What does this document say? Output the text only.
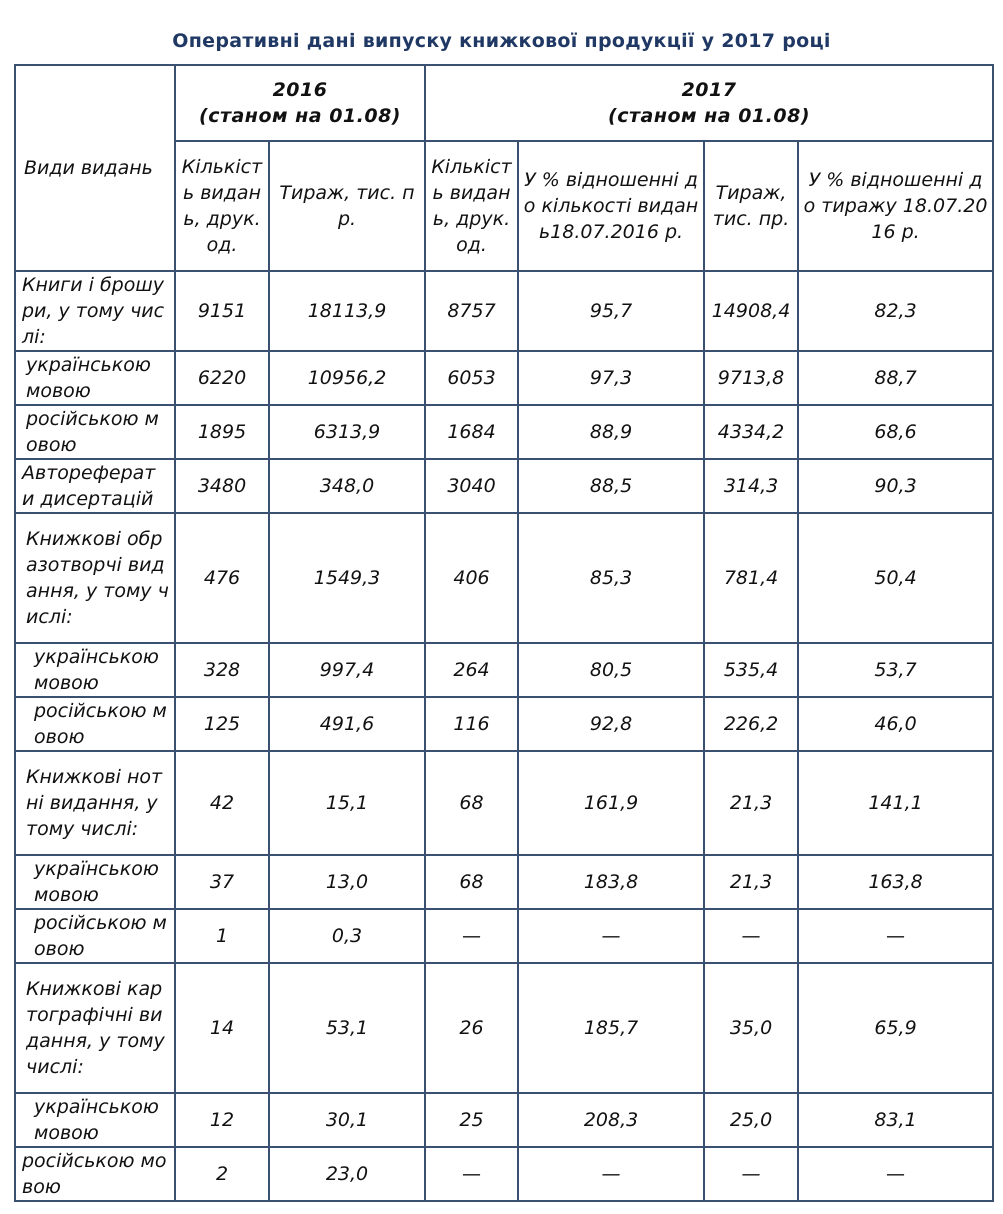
Оперативні дані випуску книжкової продукції у 2017 році
Види видань	2016
(станом на 01.08)		2017
(станом на 01.08)			
	Кількість видань, друк. од.	Тираж, тис. п р.	Кількість видань, друк. од.	У % відношенні до кількості видань18.07.2016 р.	Тираж, тис. пр.	У % відношенні до тиражу 18.07.2016 р.
Книги і брошури, у тому числі:	9151	18113,9	8757	95,7	14908,4	82,3
українською мовою	6220	10956,2	6053	97,3	9713,8	88,7
російською мовою	1895	6313,9	1684	88,9	4334,2	68,6
Автореферат и дисертацій	3480	348,0	3040	88,5	314,3	90,3
Книжкові образотворчі видання, у тому числі:	476	1549,3	406	85,3	781,4	50,4
українською мовою	328	997,4	264	80,5	535,4	53,7
російською мовою	125	491,6	116	92,8	226,2	46,0
Книжкові нотні видання, у тому числі:	42	15,1	68	161,9	21,3	141,1
українською мовою	37	13,0	68	183,8	21,3	163,8
російською мовою	1	0,3	—	—	—	—
Книжкові картографічні видання, у тому числі:	14	53,1	26	185,7	35,0	65,9
українською мовою	12	30,1	25	208,3	25,0	83,1
російською мовою	2	23,0	—	—	—	—
